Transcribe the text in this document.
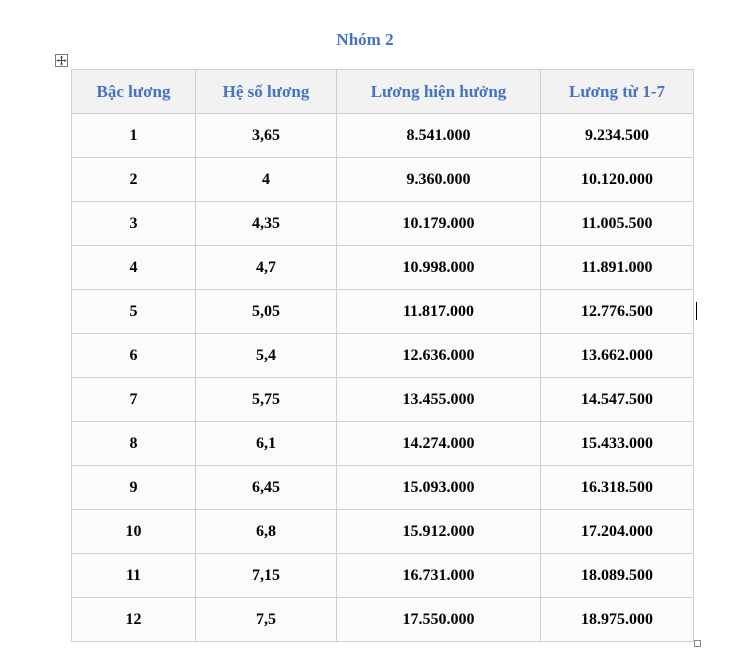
Nhóm 2
Bậc lương	Hệ số lương	Lương hiện hưởng	Lương từ 1-7
1	3,65	8.541.000	9.234.500
2	4	9.360.000	10.120.000
3	4,35	10.179.000	11.005.500
4	4,7	10.998.000	11.891.000
5	5,05	11.817.000	12.776.500
6	5,4	12.636.000	13.662.000
7	5,75	13.455.000	14.547.500
8	6,1	14.274.000	15.433.000
9	6,45	15.093.000	16.318.500
10	6,8	15.912.000	17.204.000
11	7,15	16.731.000	18.089.500
12	7,5	17.550.000	18.975.000
